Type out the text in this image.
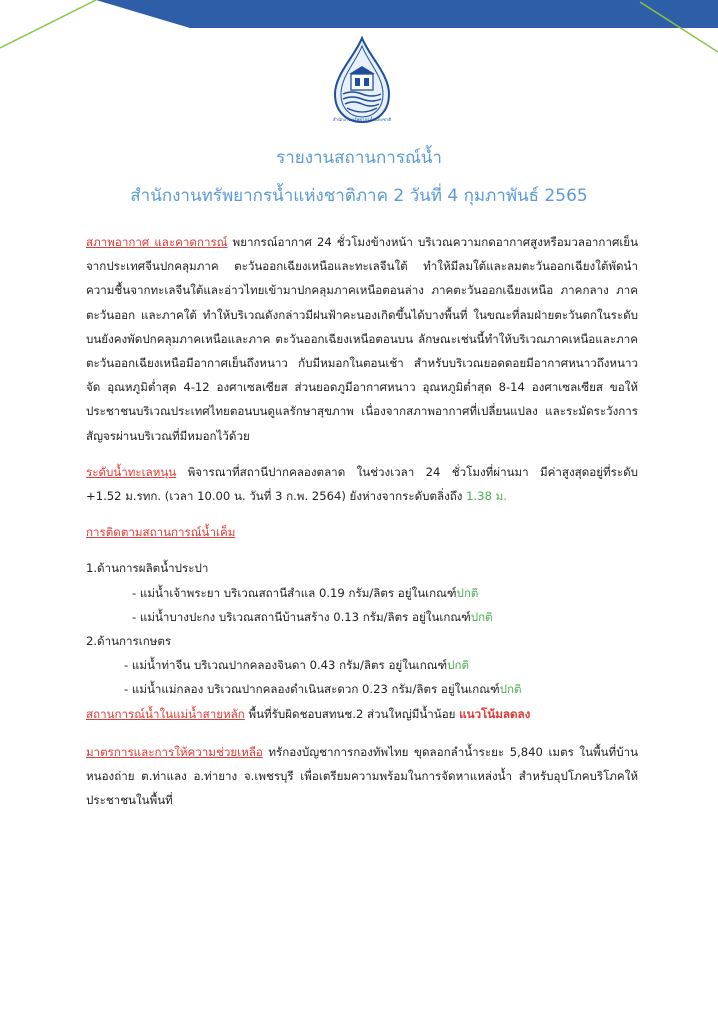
สำนักงานทรัพยากรน้ำแห่งชาติ
รายงานสถานการณ์น้ำ
สำนักงานทรัพยากรน้ำแห่งชาติภาค 2 วันที่ 4 กุมภาพันธ์ 2565

สภาพอากาศ และคาดการณ์ พยากรณ์อากาศ 24 ชั่วโมงข้างหน้า บริเวณความกดอากาศสูงหรือมวลอากาศเย็นจากประเทศจีนปกคลุมภาค ตะวันออกเฉียงเหนือและทะเลจีนใต้ ทำให้มีลมใต้และลมตะวันออกเฉียงใต้พัดนำความชื้นจากทะเลจีนใต้และอ่าวไทยเข้ามาปกคลุมภาคเหนือตอนล่าง ภาคตะวันออกเฉียงเหนือ ภาคกลาง ภาคตะวันออก และภาคใต้ ทำให้บริเวณดังกล่าวมีฝนฟ้าคะนองเกิดขึ้นได้บางพื้นที่ ในขณะที่ลมฝ่ายตะวันตกในระดับบนยังคงพัดปกคลุมภาคเหนือและภาค ตะวันออกเฉียงเหนือตอนบน ลักษณะเช่นนี้ทำให้บริเวณภาคเหนือและภาคตะวันออกเฉียงเหนือมีอากาศเย็นถึงหนาว กับมีหมอกในตอนเช้า สำหรับบริเวณยอดดอยมีอากาศหนาวถึงหนาวจัด อุณหภูมิต่ำสุด 4-12 องศาเซลเซียส ส่วนยอดภูมีอากาศหนาว อุณหภูมิต่ำสุด 8-14 องศาเซลเซียส ขอให้ประชาชนบริเวณประเทศไทยตอนบนดูแลรักษาสุขภาพ เนื่องจากสภาพอากาศที่เปลี่ยนแปลง และระมัดระวังการสัญจรผ่านบริเวณที่มีหมอกไว้ด้วย

ระดับน้ำทะเลหนุน พิจารณาที่สถานีปากคลองตลาด ในช่วงเวลา 24 ชั่วโมงที่ผ่านมา มีค่าสูงสุดอยู่ที่ระดับ +1.52 ม.รทก. (เวลา 10.00 น. วันที่ 3 ก.พ. 2564) ยังห่างจากระดับตลิ่งถึง 1.38 ม.

การติดตามสถานการณ์น้ำเค็ม

1.ด้านการผลิตน้ำประปา

- แม่น้ำเจ้าพระยา บริเวณสถานีสำแล 0.19 กรัม/ลิตร อยู่ในเกณฑ์ปกติ

- แม่น้ำบางปะกง บริเวณสถานีบ้านสร้าง 0.13 กรัม/ลิตร อยู่ในเกณฑ์ปกติ

2.ด้านการเกษตร

- แม่น้ำท่าจีน บริเวณปากคลองจินดา 0.43 กรัม/ลิตร อยู่ในเกณฑ์ปกติ

- แม่น้ำแม่กลอง บริเวณปากคลองดำเนินสะดวก 0.23 กรัม/ลิตร อยู่ในเกณฑ์ปกติ

สถานการณ์น้ำในแม่น้ำสายหลัก พื้นที่รับผิดชอบสทนช.2 ส่วนใหญ่มีน้ำน้อย แนวโน้มลดลง

มาตรการและการให้ความช่วยเหลือ ทรักองบัญชาการกองทัพไทย ขุดลอกลำน้ำระยะ 5,840 เมตร ในพื้นที่บ้านหนองถ่าย ต.ท่าแลง อ.ท่ายาง จ.เพชรบุรี เพื่อเตรียมความพร้อมในการจัดหาแหล่งน้ำ สำหรับอุปโภคบริโภคให้ประชาชนในพื้นที่
